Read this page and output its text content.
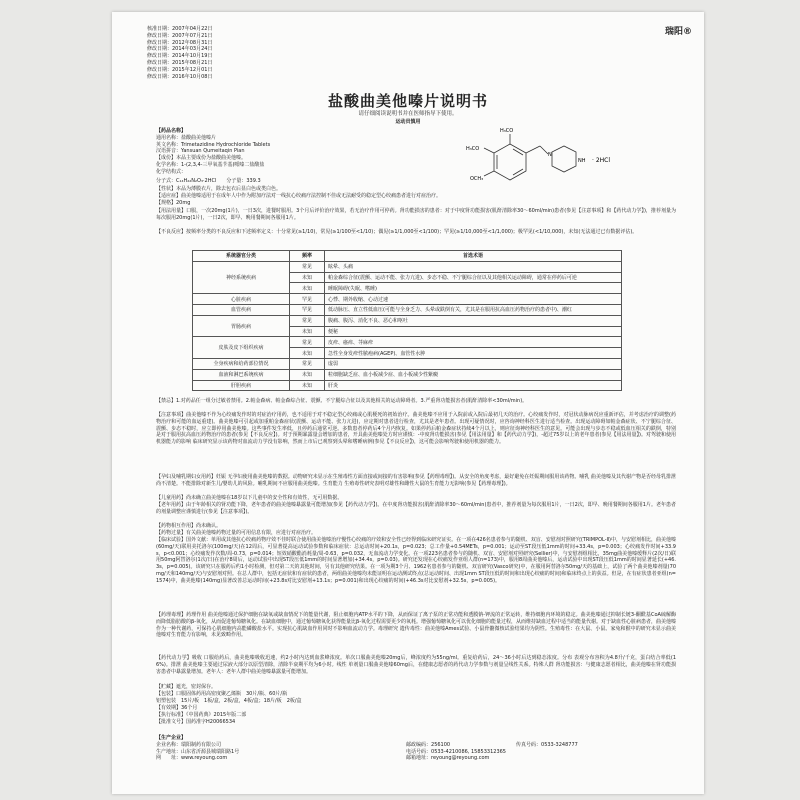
核准日期：2007年04月22日
修改日期：2007年07月21日
修改日期：2012年08月31日
修改日期：2014年03月24日
修改日期：2014年10月19日
修改日期：2015年08月21日
修改日期：2015年12月01日
修改日期：2016年10月08日
瑞阳®
盐酸曲美他嗪片说明书
请仔细阅读说明书并在医师指导下使用。
运动员慎用
【药品名称】
通用名称：盐酸曲美他嗪片
英文名称：Trimetazidine Hydrochloride Tablets
汉语拼音：Yansuan Qumeitaqin Pian
【成份】本品主要成份为盐酸曲美他嗪。
化学名称：1-(2,3,4-三甲氧基苄基)哌嗪二盐酸盐
化学结构式：
H₃CO
H₃CO
OCH₃
N
NH · 2HCl
分子式：C₁₄H₂₂N₂O₃·2HCl　　分子量：339.3
【性状】本品为薄膜衣片，除去包衣后显白色或类白色。
【适应症】曲美他嗪适用于在成年人中作为附加疗法对一线抗心绞痛疗法控制不佳或无法耐受的稳定型心绞痛患者进行对症治疗。
【规格】20mg
【用法用量】口服，一次20mg(1片)，一日3次，进餐时服用。3个月后评价治疗效果，若无治疗作用可停药。肾功能损害的患者：对于中度肾功能损害(肌酐清除率30～60ml/min)患者(参见【注意事项】和【药代动力学】)，推荐剂量为每次服用20mg(1片)，一日2次，即早、晚用餐期间各服用1片。
【不良反应】按频率分类的不良反应和下述频率定义：十分常见(≥1/10)，常见(≥1/100至<1/10)；偶见(≥1/1,000至<1/100)；罕见(≥1/10,000至<1/1,000)；极罕见(<1/10,000)，未知(无法通过已有数据评估)。
系统器官分类	频率	首选术语
神经系统疾病	常见	眩晕、头痛
	未知	帕金森综合征(震颤、运动不能、张力亢进)、步态不稳、不宁腿综合征以及其他相关运动障碍，通常在停药后可逆
	未知	睡眠障碍(失眠、嗜睡)
心脏疾病	罕见	心悸、期外收缩、心动过速
血管疾病	罕见	低动脉压、直立性低血压(可能与全身乏力、头晕或跌倒有关，尤其是在服用抗高血压药物治疗的患者中)、潮红
胃肠疾病	常见	腹痛、腹泻、消化不良、恶心和呕吐
	未知	便秘
皮肤及皮下组织疾病	常见	皮疹、瘙痒、荨麻疹
	未知	急性全身发疹性脓疱病(AGEP)、血管性水肿
全身疾病和给药部位情况	常见	虚弱
血液和淋巴系统疾病	未知	粒细胞缺乏症、血小板减少症、血小板减少性紫癜
肝胆疾病	未知	肝炎
【禁忌】1.对药品任一组分过敏者禁用。2.帕金森病、帕金森综合征、震颤、不宁腿综合征以及其他相关的运动障碍者。3.严重肾功能损害者(肌酐清除率<30ml/min)。
【注意事项】曲美他嗪不作为心绞痛发作时的对症治疗用药，也不适用于对不稳定型心绞痛或心肌梗死的初始治疗。曲美他嗪不应用于入院前或入院后最初几天的治疗。心绞痛发作时，对冠状动脉病况应重新评估，并考虑治疗的调整(药物治疗和可能的血运重建)。曲美他嗪可引起或加重帕金森症状(震颤、运动不能、张力亢进)，应定期对患者进行检查，尤其是老年患者。出现可疑情况时，应咨询神经科医生进行适当检查。出现运动障碍如帕金森症状、不宁腿综合征、震颤、步态不稳时，应立即停用曲美他嗪。这些事件发生率低，且停药后通常可逆。多数患者停药后4个月内恢复。如果停药后帕金森症状持续4个月以上，则应征询神经科医生的意见。可能会出现与步态不稳或低血压相关的跌倒，特别是对于服用抗高血压药物治疗的患者(参见【不良反应】)。对于预期暴露量会增加的患者，开具曲美他嗪处方时应谨慎：-中度肾功能损害(参见【用法用量】和【药代动力学】)，-超过75岁以上的老年患者(参见【用法用量】)。对驾驶和使用机器能力的影响 临床研究显示该药物对血流动力学没有影响，然而上市后已观察到头晕和嗜睡病例(参见【不良反应】)，这可能会影响驾驶和使用机器的能力。
【孕妇及哺乳期妇女用药】妊娠 无孕妇使用曲美他嗪的数据。动物研究未显示在生殖毒性方面直接或间接的有害影响(参见【药理毒理】)。从安全的角度考虑，最好避免在妊娠期间服用该药物。哺乳 曲美他嗪及其代谢产物是否经母乳排泄尚不清楚。不能排除对新生儿/婴幼儿的风险。哺乳期间不应服用曲美他嗪。生育能力 生殖毒性研究表明对雄性和雌性大鼠的生育能力无影响(参见【药理毒理】)。
【儿童用药】尚未确立曲美他嗪在18岁以下儿童中的安全性和有效性，无可用数据。
【老年用药】由于年龄相关的肾功能下降，老年患者的曲美他嗪暴露量可能增加(参见【药代动力学】)。在中度肾功能损害(肌酐清除率30～60ml/min)患者中，推荐剂量为每次服用1片，一日2次，即早、晚用餐期间各服用1片。老年患者的剂量调整应谨慎进行(参见【注意事项】)。
【药物相互作用】尚未确认。
【药物过量】有关曲美他嗪药物过量的可用信息有限，应进行对症治疗。
【临床试验】国外文献：单用或其他抗心绞痛药物疗效不佳时联合使用曲美他嗪治疗慢性心绞痛的疗效和安全性已经得到临床研究证实。在一项在426名患者参与的随机、双盲、安慰剂对照研究(TRIMPOL-Ⅱ)中，与安慰剂相比，曲美他嗪(60mg/天)联用美托洛尔(100mg/天)在12周后，可显著提高运动试验参数和临床症状：总运动时间+20.1s，p=0.023；总工作量+0.54METs，p=0.001；运动至ST段压低1mm的时间+33.4s，p=0.003；心绞痛发作时间+33.9s，p<0.001；心绞痛发作次数/周-0.73，p=0.014；短效硝酸酯消耗量/周-0.63，p=0.032，无血流动力学变化。在一项223名患者参与的随机、双盲、安慰剂对照研究(Sellier)中，与安慰剂组相比，35mg曲美他嗪缓释片(2次/日)联用50mg阿替洛尔(1次/日)在治疗8周后，运动试验中出现ST段压低1mm的时间显著增加(+34.4s，p=0.03)。研究还发现在心绞痛发作亚组人群(n=173)中，服用8周曲美他嗪后，运动试验中出现ST段压低1mm的时间显著延长(+46.3s，p=0.005)。该研究只在服药后约1小时检测，但对第二天的其他时间，另有其他研究结果。在一项为期3个月、1962名患者参与的随机、双盲研究(Vasco研究)中，在服用阿替洛尔50mg/天的基础上，试验了两个曲美他嗪剂量(70mg/天和140mg/天)与安慰剂对照。在总人群中，包括无症状和有症状的患者，两组曲美他嗪均未能证明在运动测试终点(总运动时间、出现1mm ST段压低的时间和出现心绞痛的时间)和临床终点上的获益。但是，在有症状患者亚组(n=1574)中，曲美他嗪(140mg)显著改善总运动时间(+23.8s对比安慰剂+13.1s；p=0.001)和出现心绞痛的时间(+46.3s对比安慰剂+32.5s，p=0.005)。
【药理毒理】药理作用 曲美他嗪通过保护细胞在缺氧或缺血情况下的能量代谢，阻止细胞内ATP水平的下降，从而保证了离子泵的正常功能和透膜钠-钾流的正常运转，维持细胞内环境的稳定。曲美他嗪通过抑制长链3-酮酰基CoA硫解酶而降低脂肪酸的β-氧化，从而促进葡萄糖氧化。在缺血细胞中，通过葡萄糖氧化获得能量比β-氧化过程需要更少的氧耗。增强葡萄糖氧化可以优化细胞的能量过程，从而维持缺血过程中适当的能量代谢。对于缺血性心脏病患者，曲美他嗪作为一种代谢药，可保持心肌细胞内高能磷酸盐水平。实现抗心肌缺血作用同时不影响血流动力学。毒理研究 遗传毒性：曲美他嗪Ames试验、小鼠骨髓微核试验结果均为阴性。生殖毒性：在大鼠、小鼠、家兔和猴中的研究未显示曲美他嗪对生育能力有影响，未见致畸作用。
【药代动力学】吸收 口服给药后，曲美他嗪吸收迅速，约2小时内达到血浆峰浓度。单次口服曲美他嗪20mg后，峰浓度约为55ng/ml。重复给药后，24～36小时后达到稳态浓度。分布 表观分布容积为4.8升/千克，蛋白结合率低(16%)。排泄 曲美他嗪主要通过尿液大部分以原型清除，清除半衰期平均为6小时。线性 单剂量口服曲美他嗪60mg后，在健康志愿者的药代动力学参数与剂量呈线性关系。特殊人群 肾功能损害：与健康志愿者相比，曲美他嗪在肾功能损害患者中暴露量增加。老年人：老年人群中曲美他嗪暴露量可能增加。
【贮藏】遮光，密封保存。
【包装】口服固体药用高密度聚乙烯瓶　30片/瓶、60片/瓶
铝塑包装　15片/板　1板/盒，2板/盒，4板/盒；18片/板　2板/盒
【有效期】36个月
【执行标准】《中国药典》2015年版二部
【批准文号】国药准字H20066534
【生产企业】
企业名称：瑞阳制药有限公司	邮政编码：256100	传真号码：0533-3248777
生产地址：山东省沂源县城瑞阳路1号	电话号码：0533-4210086, 15853312365
网　　址：www.reyoung.com	邮箱地址：reyoung@reyoung.com
